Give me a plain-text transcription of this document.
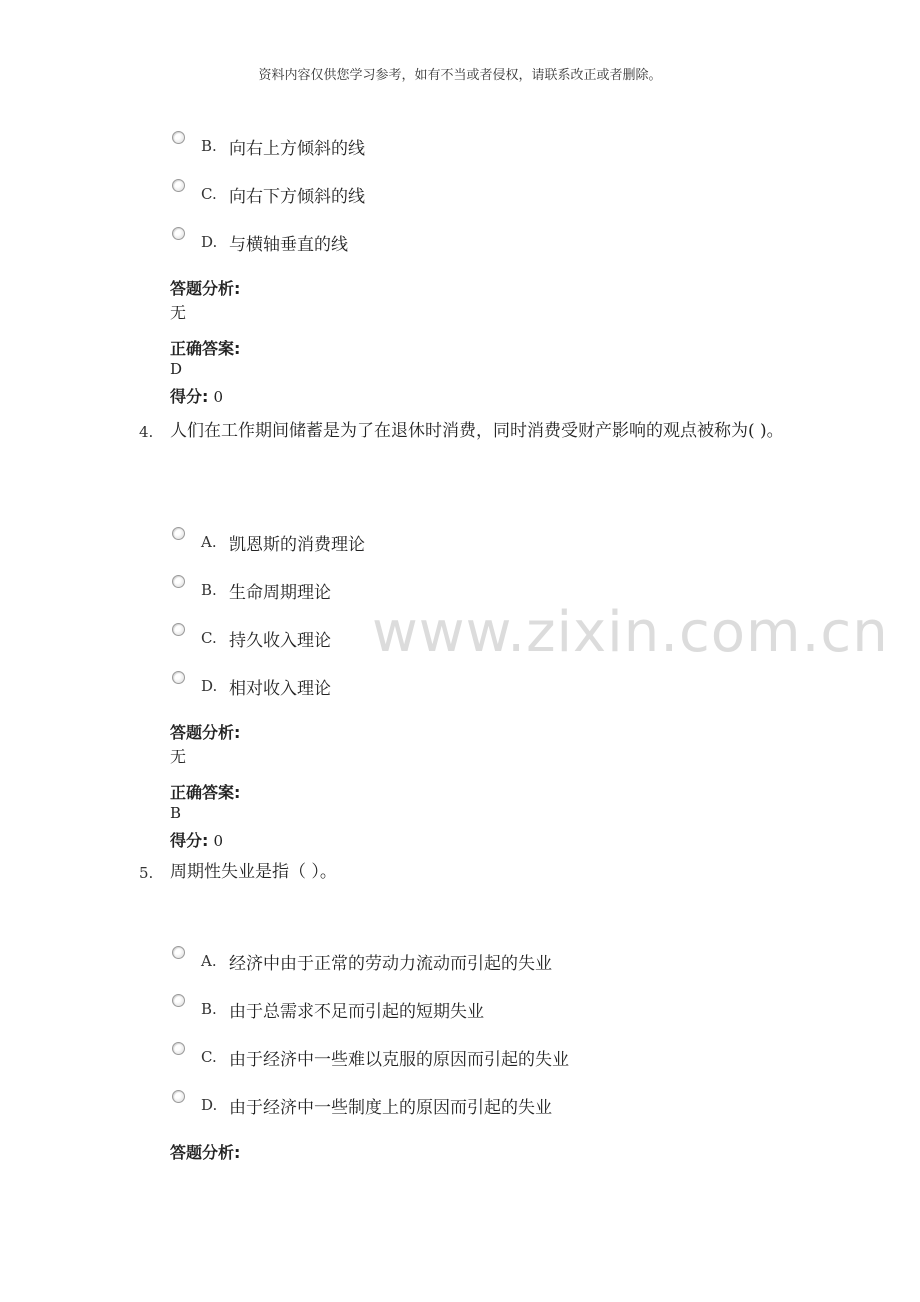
资料内容仅供您学习参考，如有不当或者侵权，请联系改正或者删除。
B. 向右上方倾斜的线
C. 向右下方倾斜的线
D. 与横轴垂直的线
答题分析:
无
正确答案:
D
得分: 0
4. 人们在工作期间储蓄是为了在退休时消费，同时消费受财产影响的观点被称为( )。
A. 凯恩斯的消费理论
B. 生命周期理论
C. 持久收入理论
D. 相对收入理论
答题分析:
无
正确答案:
B
得分: 0
5. 周期性失业是指（ ）。
A. 经济中由于正常的劳动力流动而引起的失业
B. 由于总需求不足而引起的短期失业
C. 由于经济中一些难以克服的原因而引起的失业
D. 由于经济中一些制度上的原因而引起的失业
答题分析:
www.zixin.com.cn
